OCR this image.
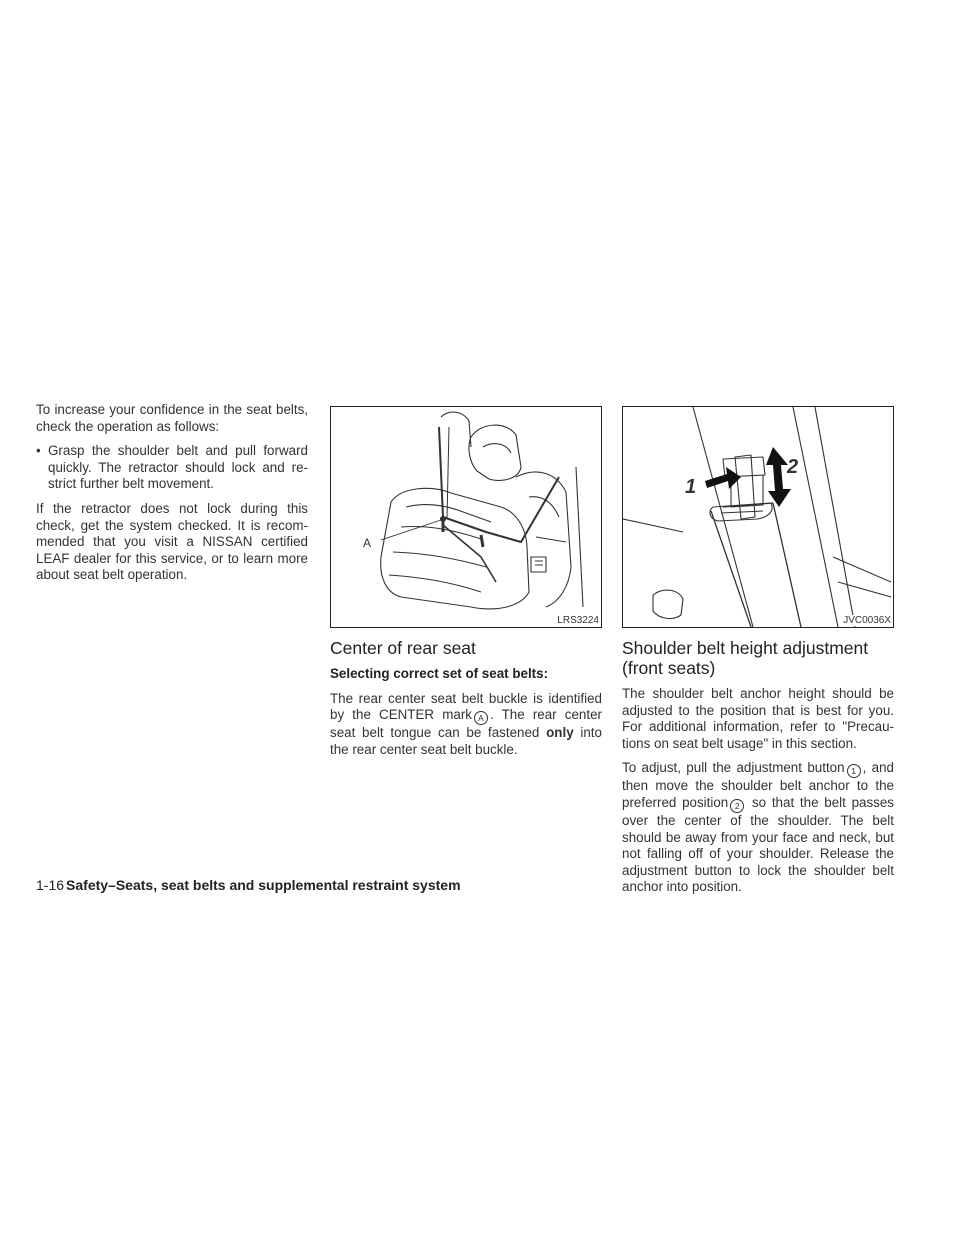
To increase your confidence in the seat belts, check the operation as follows:

• Grasp the shoulder belt and pull forward quickly. The retractor should lock and re-strict further belt movement.

If the retractor does not lock during this check, get the system checked. It is recom-mended that you visit a NISSAN certified LEAF dealer for this service, or to learn more about seat belt operation.

A
LRS3224
Center of rear seat
Selecting correct set of seat belts:

The rear center seat belt buckle is identified by the CENTER mark A . The rear center seat belt tongue can be fastened only into the rear center seat belt buckle.

1
2
JVC0036X
Shoulder belt height adjustment (front seats)

The shoulder belt anchor height should be adjusted to the position that is best for you. For additional information, refer to "Precau-tions on seat belt usage" in this section.

To adjust, pull the adjustment button 1 , and then move the shoulder belt anchor to the preferred position 2 so that the belt passes over the center of the shoulder. The belt should be away from your face and neck, but not falling off of your shoulder. Release the adjustment button to lock the shoulder belt anchor into position.

1-16 Safety–Seats, seat belts and supplemental restraint system
